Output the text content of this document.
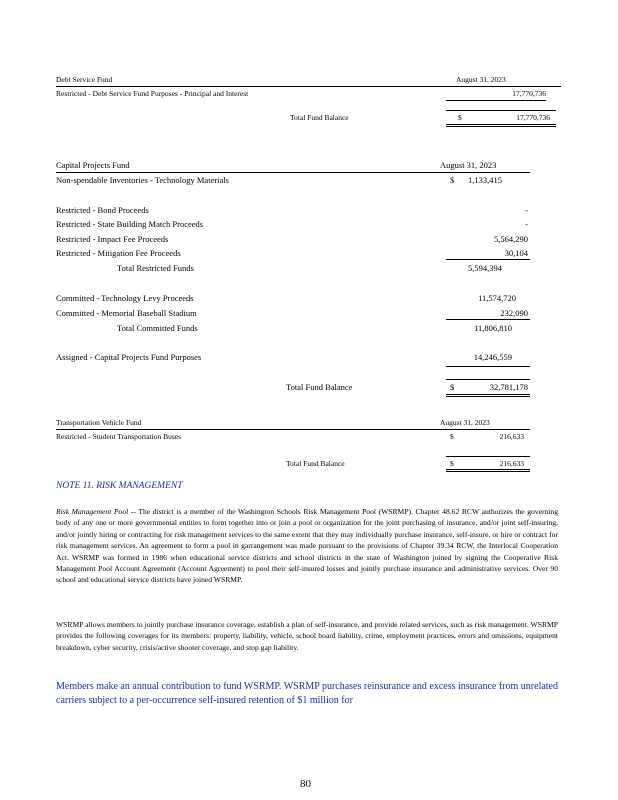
Debt Service Fund	August 31, 2023
Restricted - Debt Service Fund Purposes - Principal and Interest	17,770,736
Total Fund Balance	$	17,770,736
Capital Projects Fund	August 31, 2023
Non-spendable Inventories - Technology Materials	$	1,133,415
Restricted - Bond Proceeds	-
Restricted - State Building Match Proceeds	-
Restricted - Impact Fee Proceeds	5,564,290
Restricted - Mitigation Fee Proceeds	30,104
Total Restricted Funds	5,594,394
Committed - Technology Levy Proceeds	11,574,720
Committed - Memorial Baseball Stadium	232,090
Total Committed Funds	11,806,810
Assigned - Capital Projects Fund Purposes	14,246,559
Total Fund Balance	$	32,781,178
Transportation Vehicle Fund	August 31, 2023
Restricted - Student Transportation Buses	$	216,633
Total Fund Balance	$	216,633
NOTE 11. RISK MANAGEMENT
Risk Management Pool -- The district is a member of the Washington Schools Risk Management Pool (WSRMP). Chapter 48.62 RCW authorizes the governing body of any one or more governmental entities to form together into or join a pool or organization for the joint purchasing of insurance, and/or joint self-insuring, and/or jointly hiring or contracting for risk management services to the same extent that they may individually purchase insurance, self-insure, or hire or contract for risk management services. An agreement to form a pool in garrangement was made pursuant to the provisions of Chapter 39.34 RCW, the Interlocal Cooperation Act. WSRMP was formed in 1986 when educational service districts and school districts in the state of Washington joined by signing the Cooperative Risk Management Pool Account Agreement (Account Agreement) to pool their self-insured losses and jointly purchase insurance and administrative services. Over 90 school and educational service districts have joined WSRMP.
WSRMP allows members to jointly purchase insurance coverage, establish a plan of self-insurance, and provide related services, such as risk management. WSRMP provides the following coverages for its members: property, liability, vehicle, school board liability, crime, employment practices, errors and omissions, equipment breakdown, cyber security, crisis/active shooter coverage, and stop gap liability.
Members make an annual contribution to fund WSRMP. WSRMP purchases reinsurance and excess insurance from unrelated carriers subject to a per-occurrence self-insured retention of $1 million for
80
